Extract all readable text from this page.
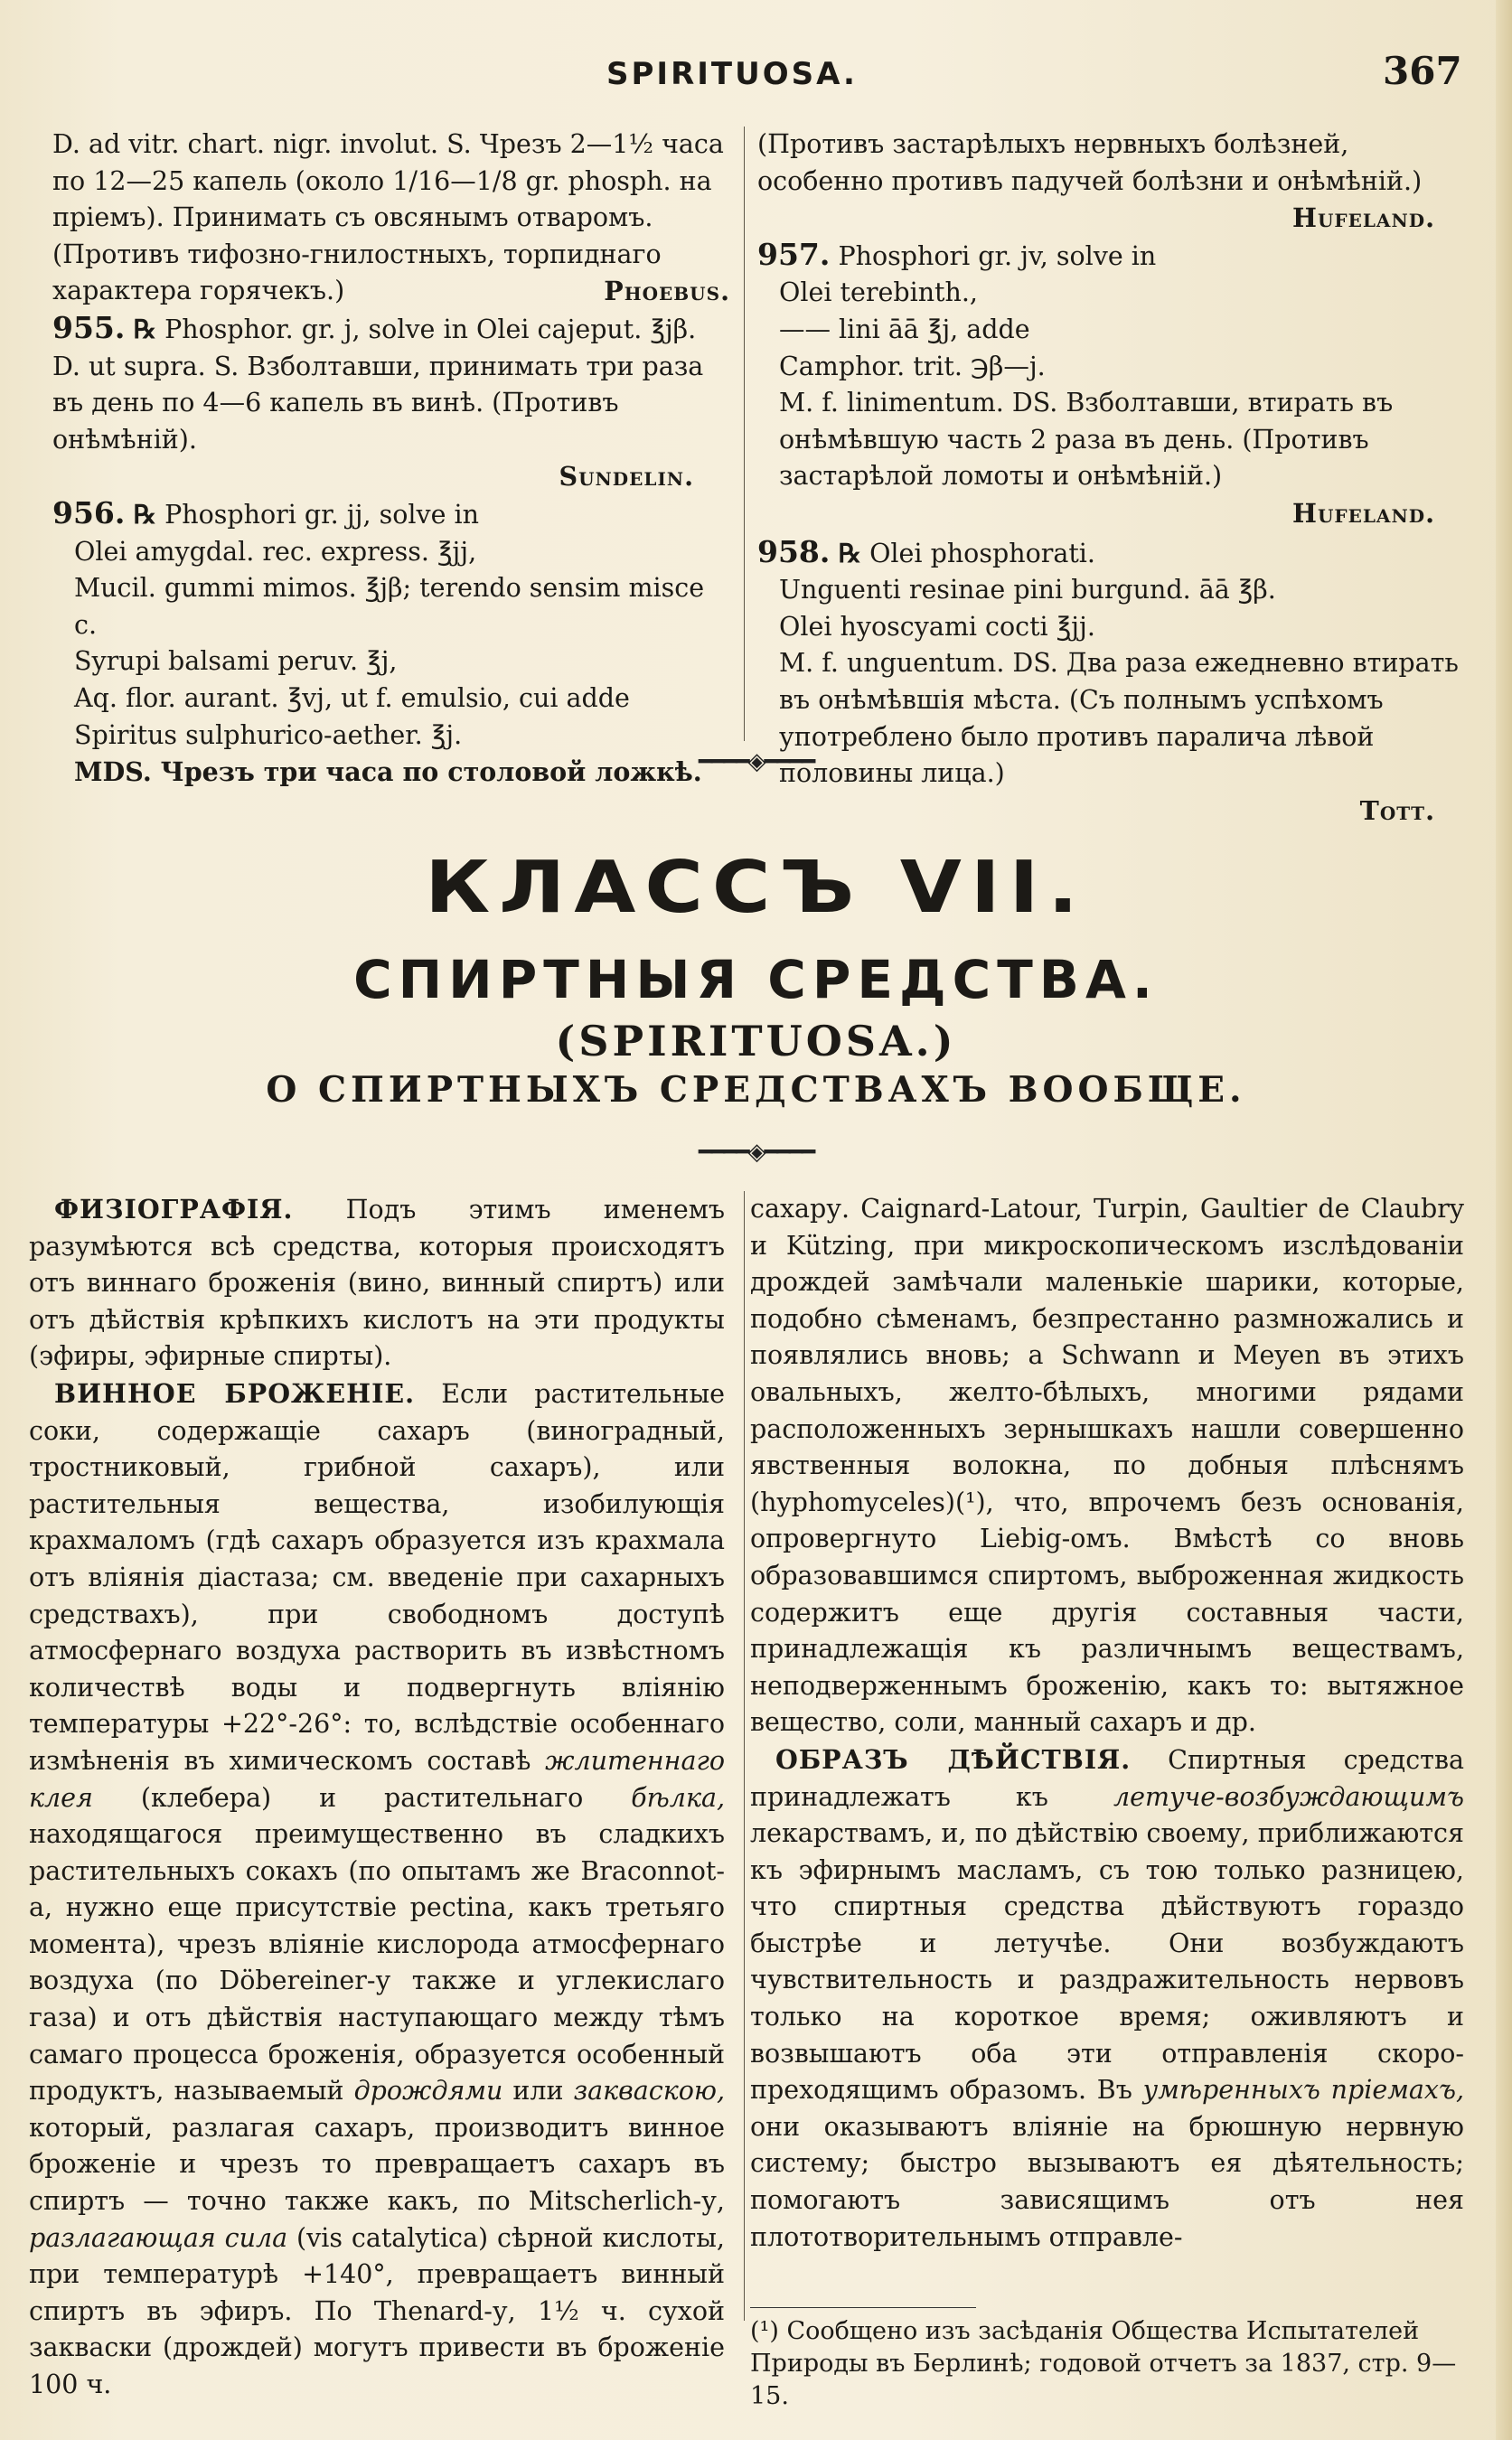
SPIRITUOSA.	367

D. ad vitr. chart. nigr. involut. S. Чрезъ 2—1½ часа по 12—25 капель (около 1/16—1/8 gr. phosph. на пріемъ). Принимать съ овсянымъ отваромъ. (Противъ тифозно-гнилостныхъ, торпиднаго характера горячекъ.)	Phoebus.

955. ℞ Phosphor. gr. j, solve in Olei cajeput. ℥jβ. D. ut supra. S. Взболтавши, принимать три раза въ день по 4—6 капель въ винѣ. (Противъ онѣмѣній).
Sundelin.

956. ℞ Phosphori gr. jj, solve in
Olei amygdal. rec. express. ℥jj,
Mucil. gummi mimos. ℥jβ; terendo sensim misce c.
Syrupi balsami peruv. ℥j,
Aq. flor. aurant. ℥vj, ut f. emulsio, cui adde
Spiritus sulphurico-aether. ℥j.
MDS. Чрезъ три часа по столовой ложкѣ.

(Противъ застарѣлыхъ нервныхъ болѣзней, особенно противъ падучей болѣзни и онѣмѣній.)
Hufeland.

957. Phosphori gr. jv, solve in
Olei terebinth.,
—— lini āā ℥j, adde
Camphor. trit. ℈β—j.
M. f. linimentum. DS. Взболтавши, втирать въ онѣмѣвшую часть 2 раза въ день. (Противъ застарѣлой ломоты и онѣмѣній.)
Hufeland.
958. ℞ Olei phosphorati.
Unguenti resinae pini burgund. āā ℥β.
Olei hyoscyami cocti ℥jj.
M. f. unguentum. DS. Два раза ежедневно втирать въ онѣмѣвшія мѣста. (Съ полнымъ успѣхомъ употреблено было противъ паралича лѣвой половины лица.)
Тотт.
━━━━◈━━━━
КЛАССЪ VII.
СПИРТНЫЯ СРЕДСТВА.
(SPIRITUOSA.)
О СПИРТНЫХЪ СРЕДСТВАХЪ ВООБЩЕ.
━━━━◈━━━━

ФИЗІОГРАФІЯ. Подъ этимъ именемъ разумѣются всѣ средства, которыя происходятъ отъ виннаго броженія (вино, винный спиртъ) или отъ дѣйствія крѣпкихъ кислотъ на эти продукты (эфиры, эфирные спирты).

ВИННОЕ БРОЖЕНІЕ. Если растительные соки, содержащіе сахаръ (виноградный, тростниковый, грибной сахаръ), или растительныя вещества, изобилующія крахмаломъ (гдѣ сахаръ образуется изъ крахмала отъ вліянія діастаза; см. введеніе при сахарныхъ средствахъ), при свободномъ доступѣ атмосфернаго воздуха растворить въ извѣстномъ количествѣ воды и подвергнуть вліянію температуры +22°-26°: то, вслѣдствіе особеннаго измѣненія въ химическомъ составѣ жлитеннаго клея (клебера) и растительнаго бѣлка, находящагося преимущественно въ сладкихъ растительныхъ сокахъ (по опытамъ же Braconnot-a, нужно еще присутствіе pectina, какъ третьяго момента), чрезъ вліяніе кислорода атмосфернаго воздуха (по Döbereiner-у также и углекислаго газа) и отъ дѣйствія наступающаго между тѣмъ самаго процесса броженія, образуется особенный продуктъ, называемый дрождями или закваскою, который, разлагая сахаръ, производитъ винное броженіе и чрезъ то превращаетъ сахаръ въ спиртъ — точно также какъ, по Mitscherlich-у, разлагающая сила (vis catalytica) сѣрной кислоты, при температурѣ +140°, превращаетъ винный спиртъ въ эфиръ. По Thenard-у, 1½ ч. сухой закваски (дрождей) могутъ привести въ броженіе 100 ч.

сахару. Caignard-Latour, Turpin, Gaultier de Claubry и Kützing, при микроскопическомъ изслѣдованіи дрождей замѣчали маленькіе шарики, которые, подобно сѣменамъ, безпрестанно размножались и появлялись вновь; а Schwann и Meyen въ этихъ овальныхъ, желто-бѣлыхъ, многими рядами расположенныхъ зернышкахъ нашли совершенно явственныя волокна, по добныя плѣснямъ (hyphomyceles)(¹), что, впрочемъ безъ основанія, опровергнуто Liebig-омъ. Вмѣстѣ со вновь образовавшимся спиртомъ, выброженная жидкость содержитъ еще другія составныя части, принадлежащія къ различнымъ веществамъ, неподверженнымъ броженію, какъ то: вытяжное вещество, соли, манный сахаръ и др.

ОБРАЗЪ ДѢЙСТВІЯ. Спиртныя средства принадлежатъ къ	летуче-возбуждающимъ лекарствамъ, и, по дѣйствію своему, приближаются къ эфирнымъ масламъ, съ тою только разницею, что спиртныя средства дѣйствуютъ гораздо быстрѣе и летучѣе. Они возбуждаютъ чувствительность и раздражительность нервовъ только на короткое время; оживляютъ и возвышаютъ оба эти отправленія скоро-преходящимъ образомъ. Въ умѣренныхъ пріемахъ, они оказываютъ вліяніе на брюшную нервную систему; быстро вызываютъ ея дѣятельность; помогаютъ зависящимъ отъ нея плототворительнымъ отправле-

(¹) Сообщено изъ засѣданія Общества Испытателей Природы въ Берлинѣ; годовой отчетъ за 1837, стр. 9—15.
